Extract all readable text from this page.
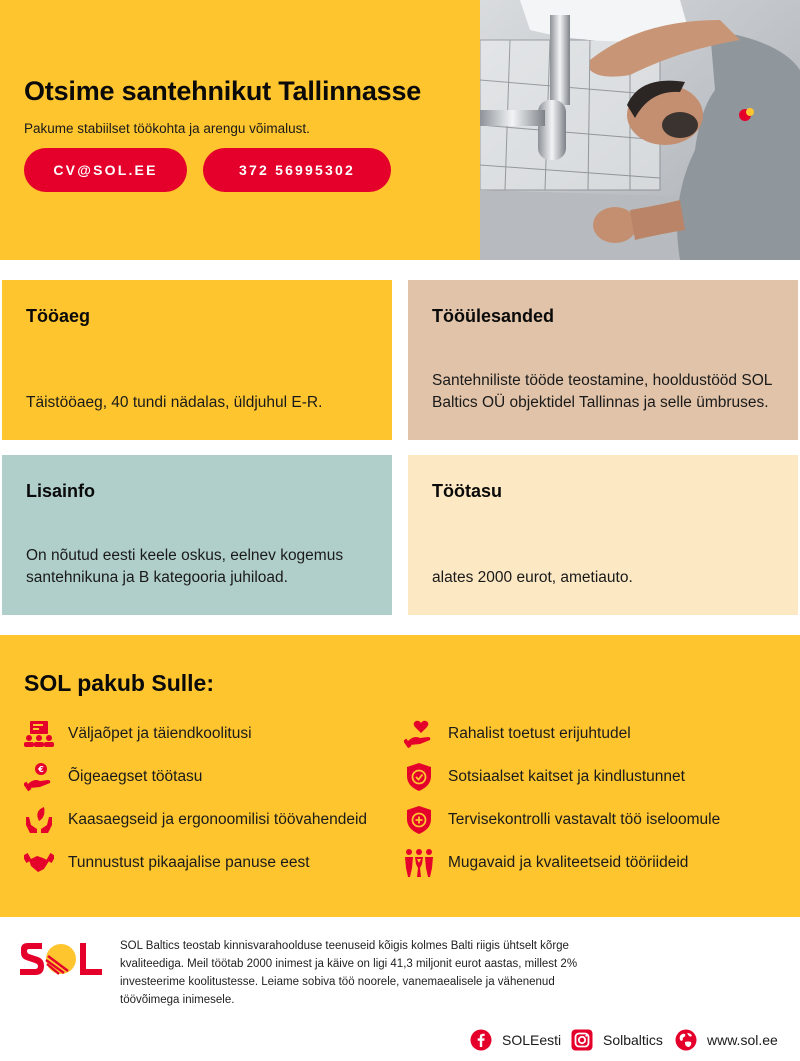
Otsime santehnikut Tallinnasse

Pakume stabiilset töökohta ja arengu võimalust.

CV@SOL.EE	372 56995302
Tööaeg

Täistööaeg, 40 tundi nädalas, üldjuhul E-R.

Tööülesanded

Santehniliste tööde teostamine, hooldustööd SOL Baltics OÜ objektidel Tallinnas ja selle ümbruses.

Lisainfo

On nõutud eesti keele oskus, eelnev kogemus santehnikuna ja B kategooria juhiload.

Töötasu

alates 2000 eurot, ametiauto.

SOL pakub Sulle:
Väljaõpet ja täiendkoolitusi
€ Õigeaegset töötasu
Kaasaegseid ja ergonoomilisi töövahendeid
Tunnustust pikaajalise panuse eest
Rahalist toetust erijuhtudel
Sotsiaalset kaitset ja kindlustunnet
Tervisekontrolli vastavalt töö iseloomule
Mugavaid ja kvaliteetseid tööriideid

SOL Baltics teostab kinnisvarahoolduse teenuseid kõigis kolmes Balti riigis ühtselt kõrge kvaliteediga. Meil töötab 2000 inimest ja käive on ligi 41,3 miljonit eurot aastas, millest 2% investeerime koolitustesse. Leiame sobiva töö noorele, vanemaealisele ja vähenenud töövõimega inimesele.

SOLEesti	Solbaltics	www.sol.ee
